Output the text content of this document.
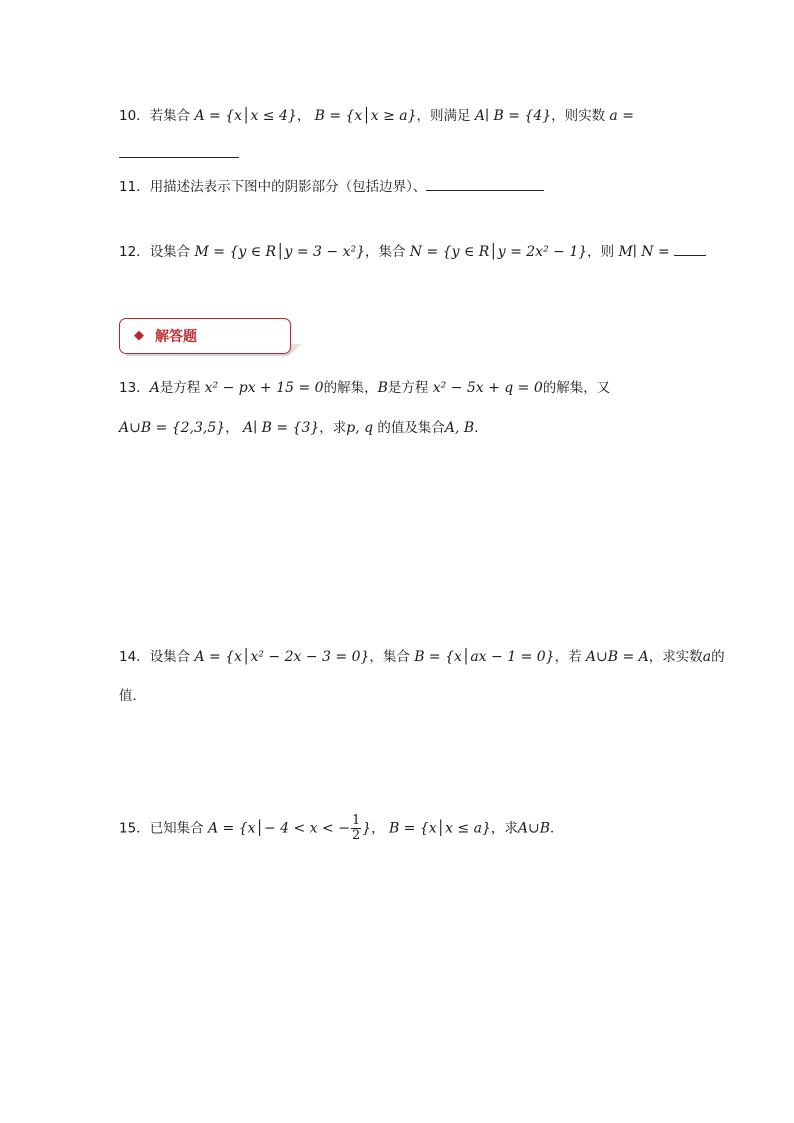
10．若集合 A = {x│x ≤ 4}， B = {x│x ≥ a}，则满足 A∣ B = {4}，则实数 a =
11．用描述法表示下图中的阴影部分（包括边界）、
12．设集合 M = {y ∈ R│y = 3 − x²}，集合 N = {y ∈ R│y = 2x² − 1}，则 M∣ N =
◆ 解答题
13．A是方程 x² − px + 15 = 0的解集，B是方程 x² − 5x + q = 0的解集，又
A∪B = {2,3,5}， A∣ B = {3}，求p, q 的值及集合A, B．
14．设集合 A = {x│x² − 2x − 3 = 0}，集合 B = {x│ax − 1 = 0}，若 A∪B = A，求实数a的
值．
15．已知集合 A = {x│− 4 < x < − $\frac{1}{2}$ }， B = {x│x ≤ a}，求A∪B．
